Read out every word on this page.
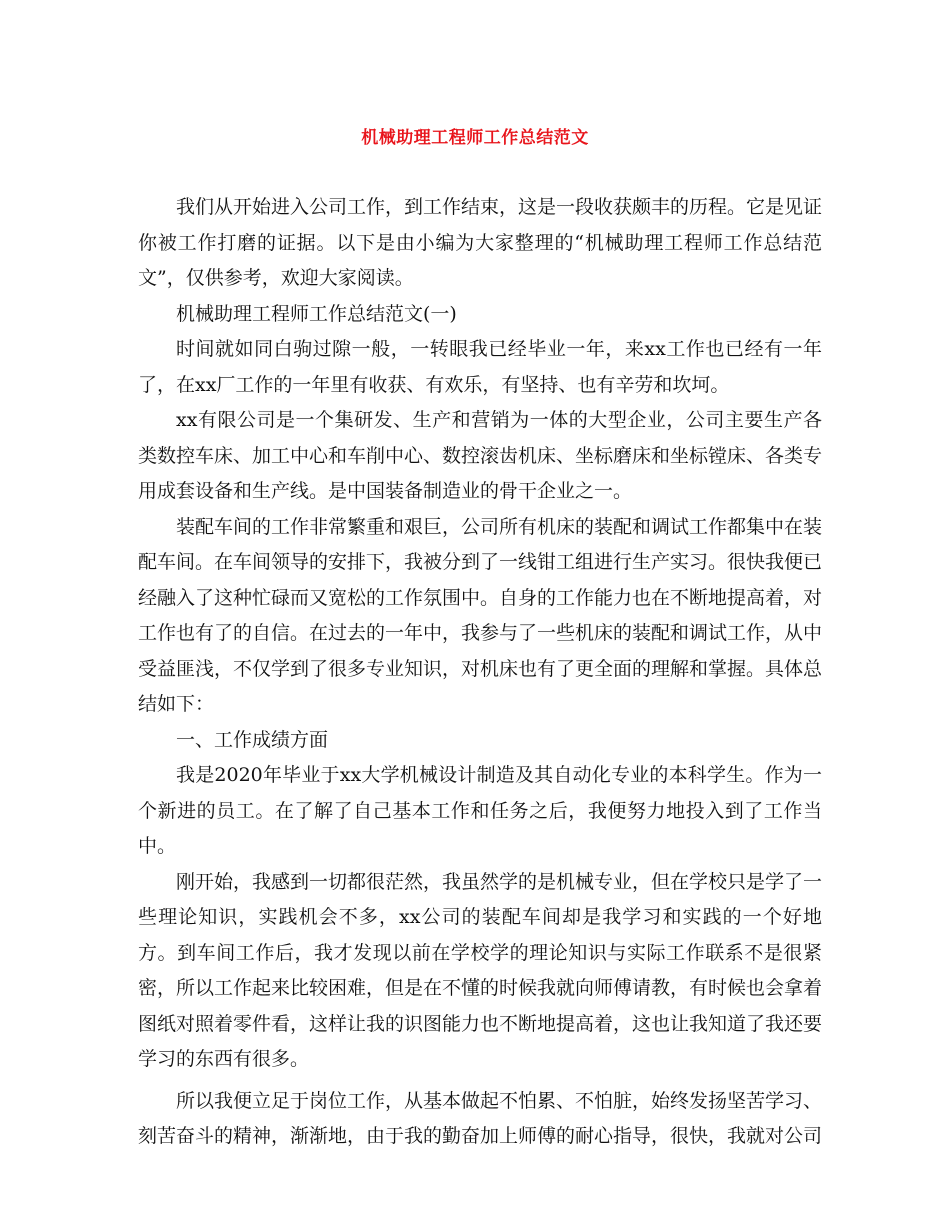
机械助理工程师工作总结范文

我们从开始进入公司工作，到工作结束，这是一段收获颇丰的历程。它是见证你被工作打磨的证据。以下是由小编为大家整理的“机械助理工程师工作总结范文”，仅供参考，欢迎大家阅读。

机械助理工程师工作总结范文(一)

时间就如同白驹过隙一般，一转眼我已经毕业一年，来xx工作也已经有一年了，在xx厂工作的一年里有收获、有欢乐，有坚持、也有辛劳和坎坷。

xx有限公司是一个集研发、生产和营销为一体的大型企业，公司主要生产各类数控车床、加工中心和车削中心、数控滚齿机床、坐标磨床和坐标镗床、各类专用成套设备和生产线。是中国装备制造业的骨干企业之一。

装配车间的工作非常繁重和艰巨，公司所有机床的装配和调试工作都集中在装配车间。在车间领导的安排下，我被分到了一线钳工组进行生产实习。很快我便已经融入了这种忙碌而又宽松的工作氛围中。自身的工作能力也在不断地提高着，对工作也有了的自信。在过去的一年中，我参与了一些机床的装配和调试工作，从中受益匪浅，不仅学到了很多专业知识，对机床也有了更全面的理解和掌握。具体总结如下：

一、工作成绩方面

我是2020年毕业于xx大学机械设计制造及其自动化专业的本科学生。作为一个新进的员工。在了解了自己基本工作和任务之后，我便努力地投入到了工作当中。

刚开始，我感到一切都很茫然，我虽然学的是机械专业，但在学校只是学了一些理论知识，实践机会不多，xx公司的装配车间却是我学习和实践的一个好地方。到车间工作后，我才发现以前在学校学的理论知识与实际工作联系不是很紧密，所以工作起来比较困难，但是在不懂的时候我就向师傅请教，有时候也会拿着图纸对照着零件看，这样让我的识图能力也不断地提高着，这也让我知道了我还要学习的东西有很多。

所以我便立足于岗位工作，从基本做起不怕累、不怕脏，始终发扬坚苦学习、刻苦奋斗的精神，渐渐地，由于我的勤奋加上师傅的耐心指导，很快，我就对公司
